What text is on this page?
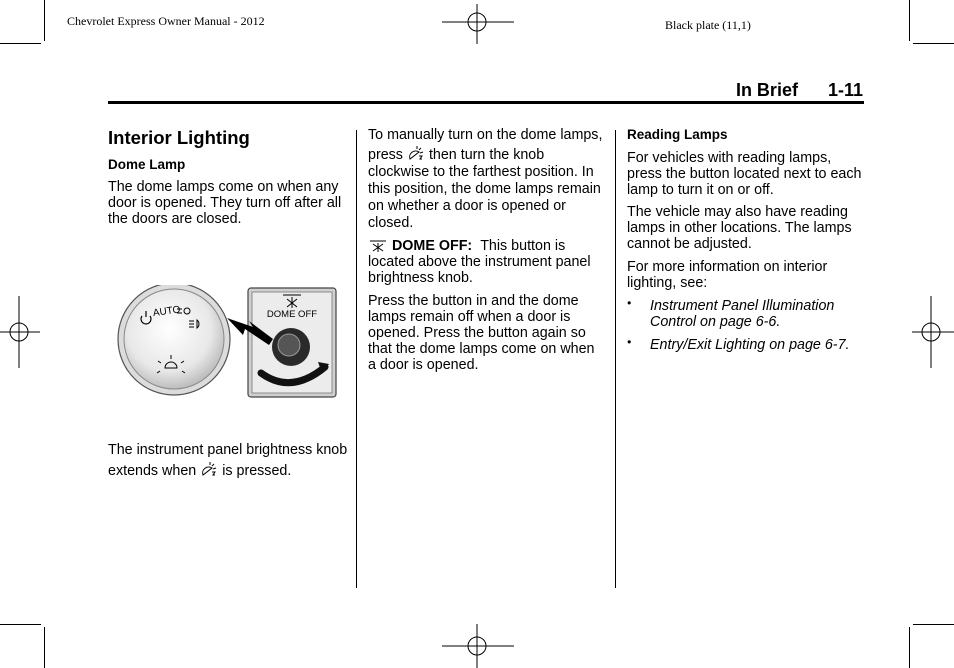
Chevrolet Express Owner Manual - 2012	Black plate (11,1)
In Brief 1-11
Interior Lighting
Dome Lamp

The dome lamps come on when any door is opened. They turn off after all the doors are closed.

AUTO	DOME OFF
The instrument panel brightness knob extends when is pressed.

To manually turn on the dome lamps, press then turn the knob clockwise to the farthest position. In this position, the dome lamps remain on whether a door is opened or closed.

DOME OFF: This button is located above the instrument panel brightness knob.

Press the button in and the dome lamps remain off when a door is opened. Press the button again so that the dome lamps come on when a door is opened.

Reading Lamps

For vehicles with reading lamps, press the button located next to each lamp to turn it on or off.

The vehicle may also have reading lamps in other locations. The lamps cannot be adjusted.

For more information on interior lighting, see:

• Instrument Panel Illumination Control on page 6-6.
• Entry/Exit Lighting on page 6-7.
